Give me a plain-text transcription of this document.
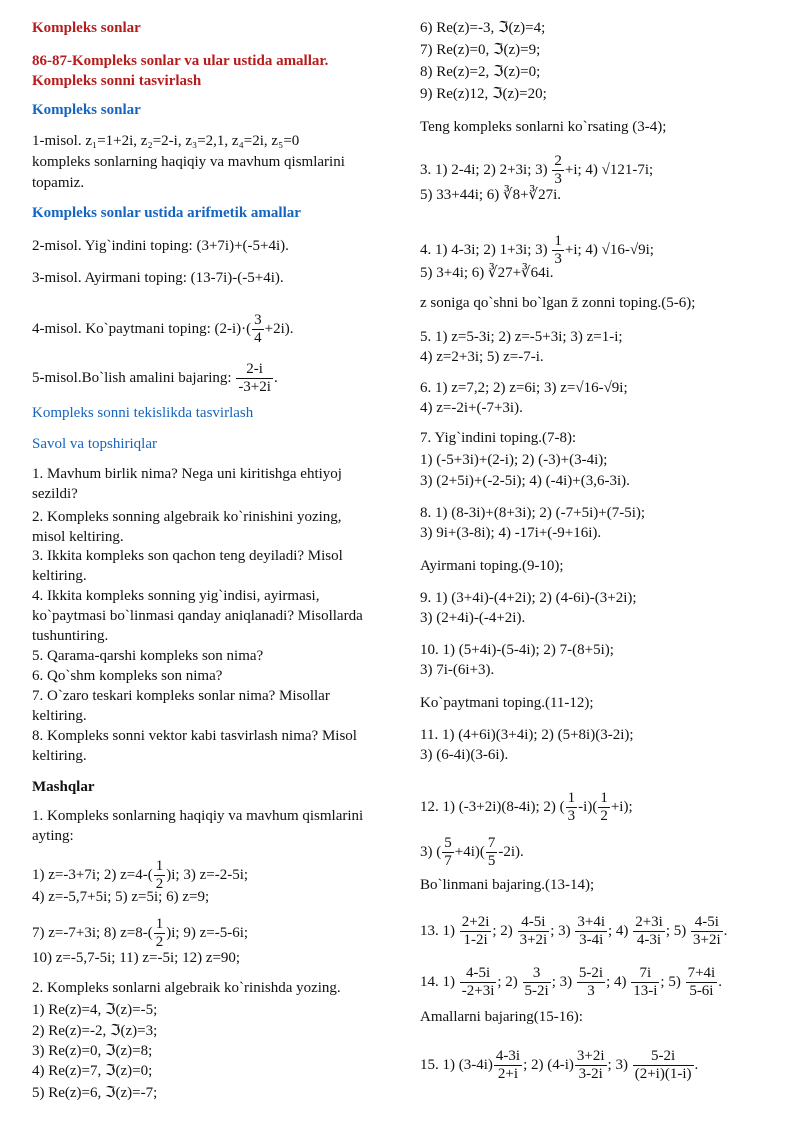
Kompleks sonlar
86-87-Kompleks sonlar va ular ustida amallar.
Kompleks sonni tasvirlash
Kompleks sonlar
1-misol. z₁=1+2i, z₂=2-i, z₃=2,1, z₄=2i, z₅=0
kompleks sonlarning haqiqiy va mavhum qismlarini
topamiz.
Kompleks sonlar ustida arifmetik amallar
2-misol. Yig`indini toping: (3+7i)+(-5+4i).
3-misol. Ayirmani toping: (13-7i)-(-5+4i).
4-misol. Ko`paytmani toping: $(2-i)\cdot( \frac{3}{4} +2i)$.
5-misol.Bo`lish amalini bajaring: $\frac{2-i}{-3+2i}$ .
Kompleks sonni tekislikda tasvirlash
Savol va topshiriqlar
1. Mavhum birlik nima? Nega uni kiritishga ehtiyoj
sezildi?
2. Kompleks sonning algebraik ko`rinishini yozing,
misol keltiring.
3. Ikkita kompleks son qachon teng deyiladi? Misol
keltiring.
4. Ikkita kompleks sonning yig`indisi, ayirmasi,
ko`paytmasi bo`linmasi qanday aniqlanadi? Misollarda
tushuntiring.
5. Qarama-qarshi kompleks son nima?
6. Qo`shm kompleks son nima?
7. O`zaro teskari kompleks sonlar nima? Misollar
keltiring.
8. Kompleks sonni vektor kabi tasvirlash nima? Misol
keltiring.
Mashqlar
1. Kompleks sonlarning haqiqiy va mavhum qismlarini
ayting:
1) z=-3+7i; 2) $z=4-( \frac{1}{2} )i$; 3) z=-2-5i;
4) z=-5,7+5i; 5) z=5i; 6) z=9;
7) z=-7+3i; 8) $z=8-( \frac{1}{2} )i$; 9) z=-5-6i;
10) z=-5,7-5i; 11) z=-5i; 12) z=90;
2. Kompleks sonlarni algebraik ko`rinishda yozing.
1) Re(z)=4, ℑ(z)=-5;
2) Re(z)=-2, ℑ(z)=3;
3) Re(z)=0, ℑ(z)=8;
4) Re(z)=7, ℑ(z)=0;
5) Re(z)=6, ℑ(z)=-7;
6) Re(z)=-3, ℑ(z)=4;
7) Re(z)=0, ℑ(z)=9;
8) Re(z)=2, ℑ(z)=0;
9) Re(z)12, ℑ(z)=20;
Teng kompleks sonlarni ko`rsating (3-4);
3. 1) 2-4i; 2) 2+3i; $3) \frac{2}{3} +i$; 4) √121-7i;
5) 33+44i; 6) ∛8+∛27i.
4. 1) 4-3i; 2) 1+3i; $3) \frac{1}{3} +i$; 4) √16-√9i;
5) 3+4i; 6) ∛27+∛64i.
z soniga qo`shni bo`lgan z̄ zonni toping.(5-6);
5. 1) z=5-3i; 2) z=-5+3i; 3) z=1-i;
4) z=2+3i; 5) z=-7-i.
6. 1) z=7,2; 2) z=6i; 3) z=√16-√9i;
4) z=-2i+(-7+3i).
7. Yig`indini toping.(7-8):
1) (-5+3i)+(2-i); 2) (-3)+(3-4i);
3) (2+5i)+(-2-5i); 4) (-4i)+(3,6-3i).
8. 1) (8-3i)+(8+3i); 2) (-7+5i)+(7-5i);
3) 9i+(3-8i); 4) -17i+(-9+16i).
Ayirmani toping.(9-10);
9. 1) (3+4i)-(4+2i); 2) (4-6i)-(3+2i);
3) (2+4i)-(-4+2i).
10. 1) (5+4i)-(5-4i); 2) 7-(8+5i);
3) 7i-(6i+3).
Ko`paytmani toping.(11-12);
11. 1) (4+6i)(3+4i); 2) (5+8i)(3-2i);
3) (6-4i)(3-6i).
12. 1) (-3+2i)(8-4i); 2) ( $\frac{1}{3} -i)( \frac{1}{2} +i)$;
3) ( $\frac{5}{7} +4i)( \frac{7}{5} -2i)$.
Bo`linmani bajaring.(13-14);
13. $1) \frac{2+2i}{1-2i}$ ; $2) \frac{4-5i}{3+2i}$ ; $3) \frac{3+4i}{3-4i}$ ; $4) \frac{2+3i}{4-3i}$ ; $5) \frac{4-5i}{3+2i}$ .
14. $1) \frac{4-5i}{-2+3i}$ ; $2) \frac{3}{5-2i}$ ; $3) \frac{5-2i}{3}$ ; $4) \frac{7i}{13-i}$ ; $5) \frac{7+4i}{5-6i}$ .
Amallarni bajaring(15-16):
15. 1) $(3-4i) \frac{4-3i}{2+i}$ ; 2) $(4-i) \frac{3+2i}{3-2i}$ ; $3) \frac{5-2i}{(2+i)(1-i)}$ .
